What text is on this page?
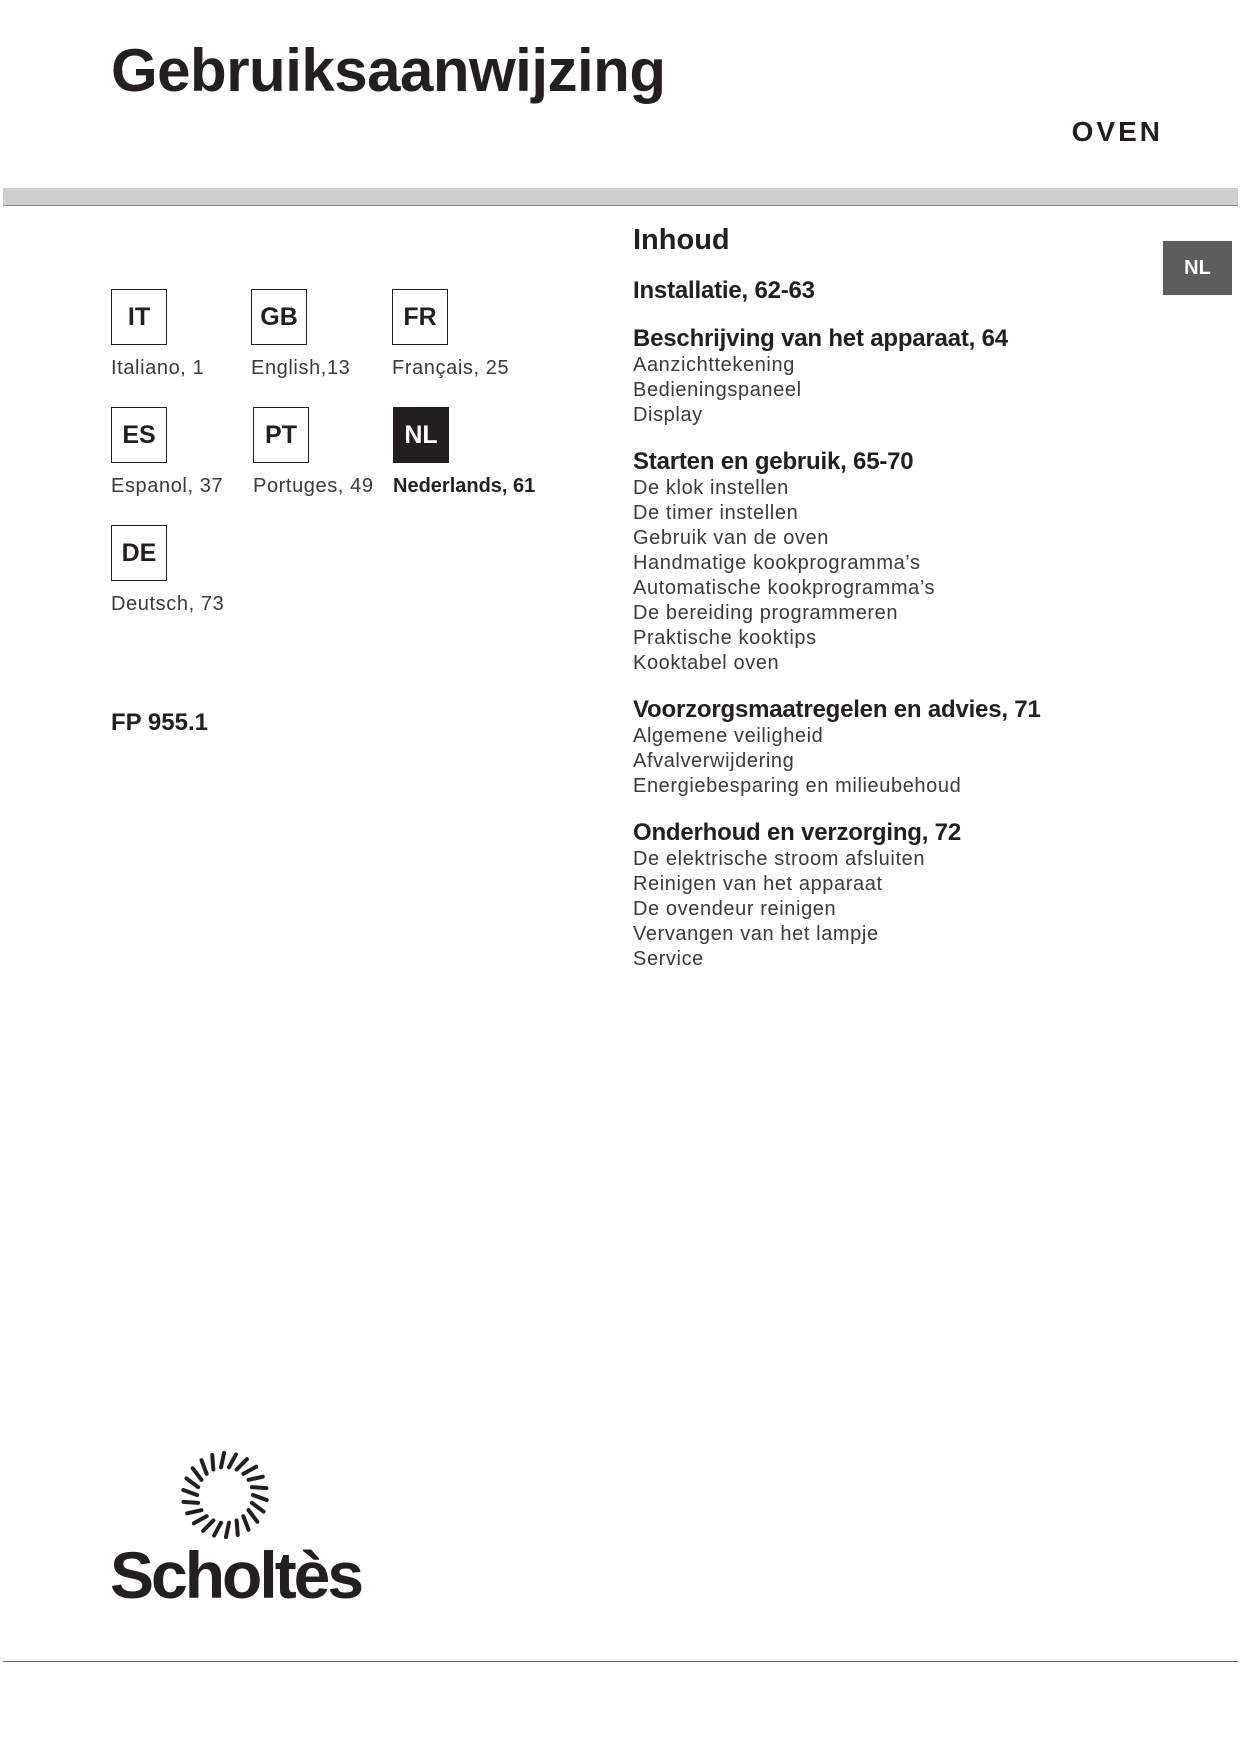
Gebruiksaanwijzing
OVEN
NL
IT
Italiano, 1
GB
English,13
FR
Français, 25
ES
Espanol, 37
PT
Portuges, 49
NL
Nederlands, 61
DE
Deutsch, 73
FP 955.1
Inhoud
Installatie, 62-63
Beschrijving van het apparaat, 64
Aanzichttekening
Bedieningspaneel
Display
Starten en gebruik, 65-70
De klok instellen
De timer instellen
Gebruik van de oven
Handmatige kookprogramma’s
Automatische kookprogramma’s
De bereiding programmeren
Praktische kooktips
Kooktabel oven
Voorzorgsmaatregelen en advies, 71
Algemene veiligheid
Afvalverwijdering
Energiebesparing en milieubehoud
Onderhoud en verzorging, 72
De elektrische stroom afsluiten
Reinigen van het apparaat
De ovendeur reinigen
Vervangen van het lampje
Service
Scholtès
